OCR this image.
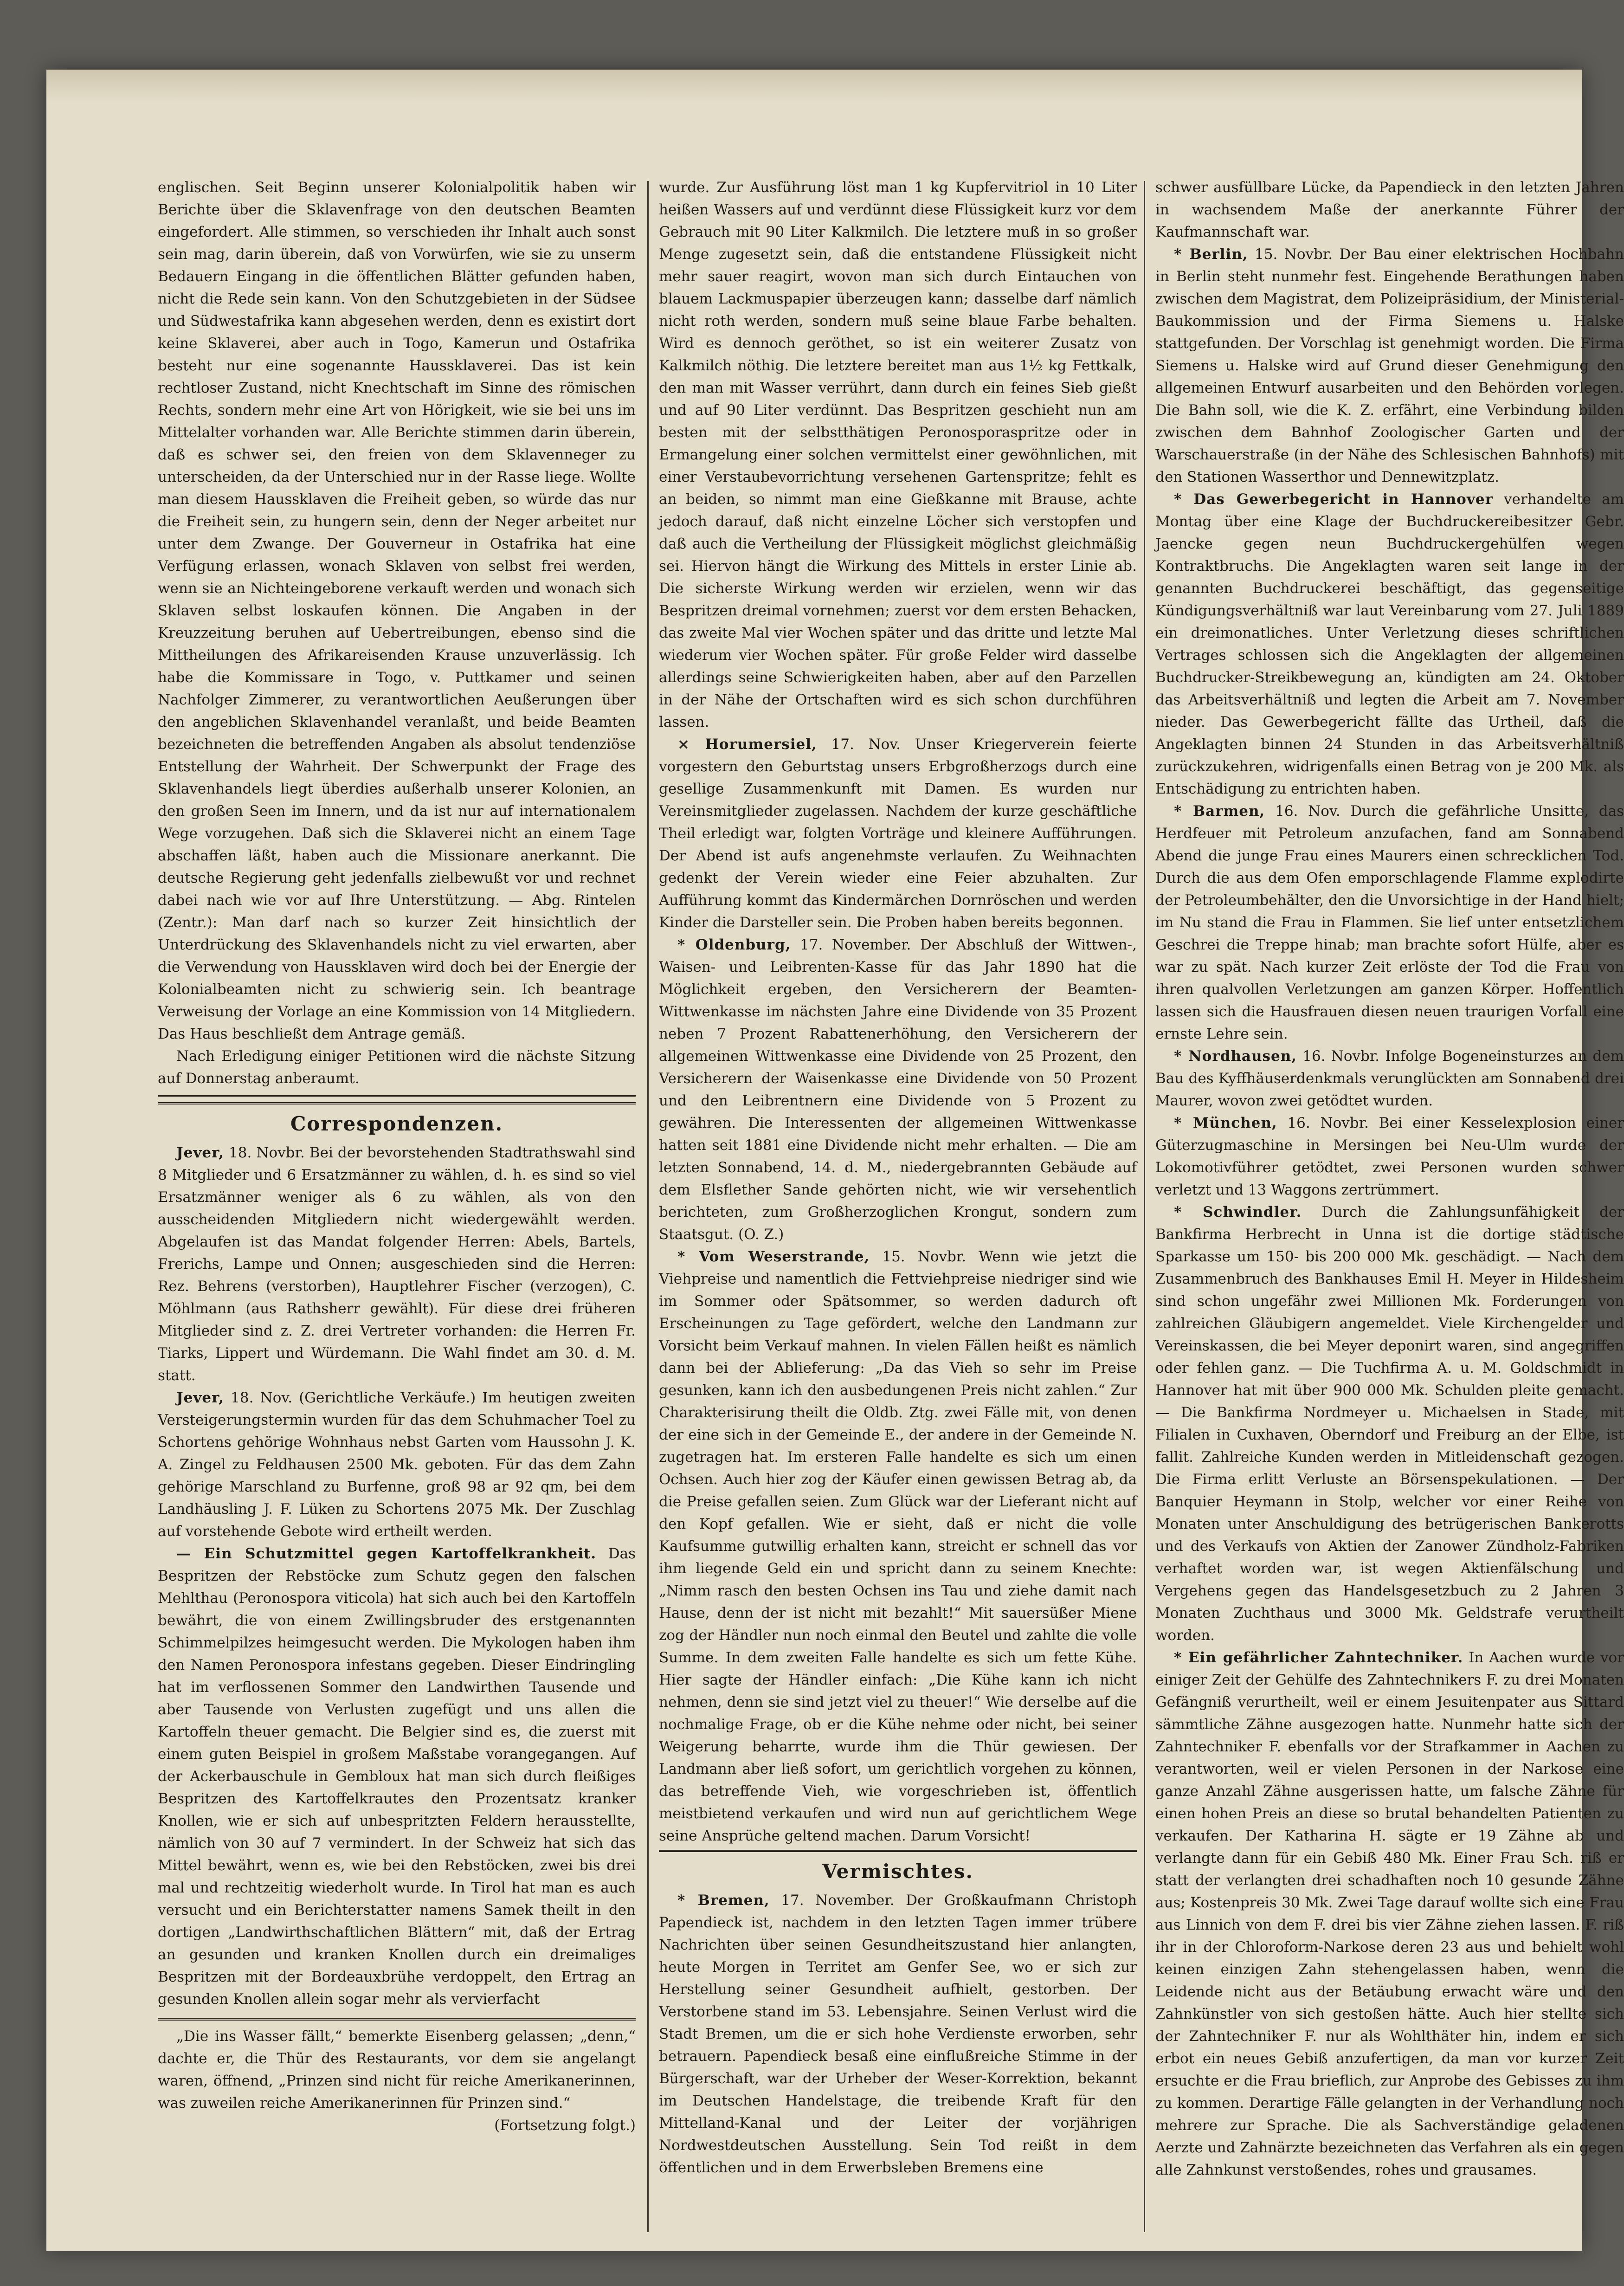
englischen. Seit Beginn unserer Kolonialpolitik haben wir Berichte über die Sklavenfrage von den deutschen Beamten eingefordert. Alle stimmen, so verschieden ihr Inhalt auch sonst sein mag, darin überein, daß von Vorwürfen, wie sie zu unserm Bedauern Eingang in die öffentlichen Blätter gefunden haben, nicht die Rede sein kann. Von den Schutzgebieten in der Südsee und Südwestafrika kann abgesehen werden, denn es existirt dort keine Sklaverei, aber auch in Togo, Kamerun und Ostafrika besteht nur eine sogenannte Haussklaverei. Das ist kein rechtloser Zustand, nicht Knechtschaft im Sinne des römischen Rechts, sondern mehr eine Art von Hörigkeit, wie sie bei uns im Mittelalter vorhanden war. Alle Berichte stimmen darin überein, daß es schwer sei, den freien von dem Sklavenneger zu unterscheiden, da der Unterschied nur in der Rasse liege. Wollte man diesem Haussklaven die Freiheit geben, so würde das nur die Freiheit sein, zu hungern sein, denn der Neger arbeitet nur unter dem Zwange. Der Gouverneur in Ostafrika hat eine Verfügung erlassen, wonach Sklaven von selbst frei werden, wenn sie an Nichteingeborene verkauft werden und wonach sich Sklaven selbst loskaufen können. Die Angaben in der Kreuzzeitung beruhen auf Uebertreibungen, ebenso sind die Mittheilungen des Afrikareisenden Krause unzuverlässig. Ich habe die Kommissare in Togo, v. Puttkamer und seinen Nachfolger Zimmerer, zu verantwortlichen Aeußerungen über den angeblichen Sklavenhandel veranlaßt, und beide Beamten bezeichneten die betreffenden Angaben als absolut tendenziöse Entstellung der Wahrheit. Der Schwerpunkt der Frage des Sklavenhandels liegt überdies außerhalb unserer Kolonien, an den großen Seen im Innern, und da ist nur auf internationalem Wege vorzugehen. Daß sich die Sklaverei nicht an einem Tage abschaffen läßt, haben auch die Missionare anerkannt. Die deutsche Regierung geht jedenfalls zielbewußt vor und rechnet dabei nach wie vor auf Ihre Unterstützung. — Abg. Rintelen (Zentr.): Man darf nach so kurzer Zeit hinsichtlich der Unterdrückung des Sklavenhandels nicht zu viel erwarten, aber die Verwendung von Haussklaven wird doch bei der Energie der Kolonialbeamten nicht zu schwierig sein. Ich beantrage Verweisung der Vorlage an eine Kommission von 14 Mitgliedern. Das Haus beschließt dem Antrage gemäß.

Nach Erledigung einiger Petitionen wird die nächste Sitzung auf Donnerstag anberaumt.

Correspondenzen.

Jever, 18. Novbr. Bei der bevorstehenden Stadtrathswahl sind 8 Mitglieder und 6 Ersatzmänner zu wählen, d. h. es sind so viel Ersatzmänner weniger als 6 zu wählen, als von den ausscheidenden Mitgliedern nicht wiedergewählt werden. Abgelaufen ist das Mandat folgender Herren: Abels, Bartels, Frerichs, Lampe und Onnen; ausgeschieden sind die Herren: Rez. Behrens (verstorben), Hauptlehrer Fischer (verzogen), C. Möhlmann (aus Rathsherr gewählt). Für diese drei früheren Mitglieder sind z. Z. drei Vertreter vorhanden: die Herren Fr. Tiarks, Lippert und Würdemann. Die Wahl findet am 30. d. M. statt.

Jever, 18. Nov. (Gerichtliche Verkäufe.) Im heutigen zweiten Versteigerungstermin wurden für das dem Schuhmacher Toel zu Schortens gehörige Wohnhaus nebst Garten vom Haussohn J. K. A. Zingel zu Feldhausen 2500 Mk. geboten. Für das dem Zahn gehörige Marschland zu Burfenne, groß 98 ar 92 qm, bei dem Landhäusling J. F. Lüken zu Schortens 2075 Mk. Der Zuschlag auf vorstehende Gebote wird ertheilt werden.

— Ein Schutzmittel gegen Kartoffelkrankheit. Das Bespritzen der Rebstöcke zum Schutz gegen den falschen Mehlthau (Peronospora viticola) hat sich auch bei den Kartoffeln bewährt, die von einem Zwillingsbruder des erstgenannten Schimmelpilzes heimgesucht werden. Die Mykologen haben ihm den Namen Peronospora infestans gegeben. Dieser Eindringling hat im verflossenen Sommer den Landwirthen Tausende und aber Tausende von Verlusten zugefügt und uns allen die Kartoffeln theuer gemacht. Die Belgier sind es, die zuerst mit einem guten Beispiel in großem Maßstabe vorangegangen. Auf der Ackerbauschule in Gembloux hat man sich durch fleißiges Bespritzen des Kartoffelkrautes den Prozentsatz kranker Knollen, wie er sich auf unbespritzten Feldern herausstellte, nämlich von 30 auf 7 vermindert. In der Schweiz hat sich das Mittel bewährt, wenn es, wie bei den Rebstöcken, zwei bis drei mal und rechtzeitig wiederholt wurde. In Tirol hat man es auch versucht und ein Berichterstatter namens Samek theilt in den dortigen „Landwirthschaftlichen Blättern“ mit, daß der Ertrag an gesunden und kranken Knollen durch ein dreimaliges Bespritzen mit der Bordeauxbrühe verdoppelt, den Ertrag an gesunden Knollen allein sogar mehr als vervierfacht

„Die ins Wasser fällt,“ bemerkte Eisenberg gelassen; „denn,“ dachte er, die Thür des Restaurants, vor dem sie angelangt waren, öffnend, „Prinzen sind nicht für reiche Amerikanerinnen, was zuweilen reiche Amerikanerinnen für Prinzen sind.“

(Fortsetzung folgt.)

wurde. Zur Ausführung löst man 1 kg Kupfervitriol in 10 Liter heißen Wassers auf und verdünnt diese Flüssigkeit kurz vor dem Gebrauch mit 90 Liter Kalkmilch. Die letztere muß in so großer Menge zugesetzt sein, daß die entstandene Flüssigkeit nicht mehr sauer reagirt, wovon man sich durch Eintauchen von blauem Lackmuspapier überzeugen kann; dasselbe darf nämlich nicht roth werden, sondern muß seine blaue Farbe behalten. Wird es dennoch geröthet, so ist ein weiterer Zusatz von Kalkmilch nöthig. Die letztere bereitet man aus 1½ kg Fettkalk, den man mit Wasser verrührt, dann durch ein feines Sieb gießt und auf 90 Liter verdünnt. Das Bespritzen geschieht nun am besten mit der selbstthätigen Peronosporaspritze oder in Ermangelung einer solchen vermittelst einer gewöhnlichen, mit einer Verstaubevorrichtung versehenen Gartenspritze; fehlt es an beiden, so nimmt man eine Gießkanne mit Brause, achte jedoch darauf, daß nicht einzelne Löcher sich verstopfen und daß auch die Vertheilung der Flüssigkeit möglichst gleichmäßig sei. Hiervon hängt die Wirkung des Mittels in erster Linie ab. Die sicherste Wirkung werden wir erzielen, wenn wir das Bespritzen dreimal vornehmen; zuerst vor dem ersten Behacken, das zweite Mal vier Wochen später und das dritte und letzte Mal wiederum vier Wochen später. Für große Felder wird dasselbe allerdings seine Schwierigkeiten haben, aber auf den Parzellen in der Nähe der Ortschaften wird es sich schon durchführen lassen.

× Horumersiel, 17. Nov. Unser Kriegerverein feierte vorgestern den Geburtstag unsers Erbgroßherzogs durch eine gesellige Zusammenkunft mit Damen. Es wurden nur Vereinsmitglieder zugelassen. Nachdem der kurze geschäftliche Theil erledigt war, folgten Vorträge und kleinere Aufführungen. Der Abend ist aufs angenehmste verlaufen. Zu Weihnachten gedenkt der Verein wieder eine Feier abzuhalten. Zur Aufführung kommt das Kindermärchen Dornröschen und werden Kinder die Darsteller sein. Die Proben haben bereits begonnen.

* Oldenburg, 17. November. Der Abschluß der Wittwen-, Waisen- und Leibrenten-Kasse für das Jahr 1890 hat die Möglichkeit ergeben, den Versicherern der Beamten-Wittwenkasse im nächsten Jahre eine Dividende von 35 Prozent neben 7 Prozent Rabattenerhöhung, den Versicherern der allgemeinen Wittwenkasse eine Dividende von 25 Prozent, den Versicherern der Waisenkasse eine Dividende von 50 Prozent und den Leibrentnern eine Dividende von 5 Prozent zu gewähren. Die Interessenten der allgemeinen Wittwenkasse hatten seit 1881 eine Dividende nicht mehr erhalten. — Die am letzten Sonnabend, 14. d. M., niedergebrannten Gebäude auf dem Elsflether Sande gehörten nicht, wie wir versehentlich berichteten, zum Großherzoglichen Krongut, sondern zum Staatsgut. (O. Z.)

* Vom Weserstrande, 15. Novbr. Wenn wie jetzt die Viehpreise und namentlich die Fettviehpreise niedriger sind wie im Sommer oder Spätsommer, so werden dadurch oft Erscheinungen zu Tage gefördert, welche den Landmann zur Vorsicht beim Verkauf mahnen. In vielen Fällen heißt es nämlich dann bei der Ablieferung: „Da das Vieh so sehr im Preise gesunken, kann ich den ausbedungenen Preis nicht zahlen.“ Zur Charakterisirung theilt die Oldb. Ztg. zwei Fälle mit, von denen der eine sich in der Gemeinde E., der andere in der Gemeinde N. zugetragen hat. Im ersteren Falle handelte es sich um einen Ochsen. Auch hier zog der Käufer einen gewissen Betrag ab, da die Preise gefallen seien. Zum Glück war der Lieferant nicht auf den Kopf gefallen. Wie er sieht, daß er nicht die volle Kaufsumme gutwillig erhalten kann, streicht er schnell das vor ihm liegende Geld ein und spricht dann zu seinem Knechte: „Nimm rasch den besten Ochsen ins Tau und ziehe damit nach Hause, denn der ist nicht mit bezahlt!“ Mit sauersüßer Miene zog der Händler nun noch einmal den Beutel und zahlte die volle Summe. In dem zweiten Falle handelte es sich um fette Kühe. Hier sagte der Händler einfach: „Die Kühe kann ich nicht nehmen, denn sie sind jetzt viel zu theuer!“ Wie derselbe auf die nochmalige Frage, ob er die Kühe nehme oder nicht, bei seiner Weigerung beharrte, wurde ihm die Thür gewiesen. Der Landmann aber ließ sofort, um gerichtlich vorgehen zu können, das betreffende Vieh, wie vorgeschrieben ist, öffentlich meistbietend verkaufen und wird nun auf gerichtlichem Wege seine Ansprüche geltend machen. Darum Vorsicht!

Vermischtes.

* Bremen, 17. November. Der Großkaufmann Christoph Papendieck ist, nachdem in den letzten Tagen immer trübere Nachrichten über seinen Gesundheitszustand hier anlangten, heute Morgen in Territet am Genfer See, wo er sich zur Herstellung seiner Gesundheit aufhielt, gestorben. Der Verstorbene stand im 53. Lebensjahre. Seinen Verlust wird die Stadt Bremen, um die er sich hohe Verdienste erworben, sehr betrauern. Papendieck besaß eine einflußreiche Stimme in der Bürgerschaft, war der Urheber der Weser-Korrektion, bekannt im Deutschen Handelstage, die treibende Kraft für den Mittelland-Kanal und der Leiter der vorjährigen Nordwestdeutschen Ausstellung. Sein Tod reißt in dem öffentlichen und in dem Erwerbsleben Bremens eine

schwer ausfüllbare Lücke, da Papendieck in den letzten Jahren in wachsendem Maße der anerkannte Führer der Kaufmannschaft war.

* Berlin, 15. Novbr. Der Bau einer elektrischen Hochbahn in Berlin steht nunmehr fest. Eingehende Berathungen haben zwischen dem Magistrat, dem Polizeipräsidium, der Ministerial-Baukommission und der Firma Siemens u. Halske stattgefunden. Der Vorschlag ist genehmigt worden. Die Firma Siemens u. Halske wird auf Grund dieser Genehmigung den allgemeinen Entwurf ausarbeiten und den Behörden vorlegen. Die Bahn soll, wie die K. Z. erfährt, eine Verbindung bilden zwischen dem Bahnhof Zoologischer Garten und der Warschauerstraße (in der Nähe des Schlesischen Bahnhofs) mit den Stationen Wasserthor und Dennewitzplatz.

* Das Gewerbegericht in Hannover verhandelte am Montag über eine Klage der Buchdruckereibesitzer Gebr. Jaencke gegen neun Buchdruckergehülfen wegen Kontraktbruchs. Die Angeklagten waren seit lange in der genannten Buchdruckerei beschäftigt, das gegenseitige Kündigungsverhältniß war laut Vereinbarung vom 27. Juli 1889 ein dreimonatliches. Unter Verletzung dieses schriftlichen Vertrages schlossen sich die Angeklagten der allgemeinen Buchdrucker-Streikbewegung an, kündigten am 24. Oktober das Arbeitsverhältniß und legten die Arbeit am 7. November nieder. Das Gewerbegericht fällte das Urtheil, daß die Angeklagten binnen 24 Stunden in das Arbeitsverhältniß zurückzukehren, widrigenfalls einen Betrag von je 200 Mk. als Entschädigung zu entrichten haben.

* Barmen, 16. Nov. Durch die gefährliche Unsitte, das Herdfeuer mit Petroleum anzufachen, fand am Sonnabend Abend die junge Frau eines Maurers einen schrecklichen Tod. Durch die aus dem Ofen emporschlagende Flamme explodirte der Petroleumbehälter, den die Unvorsichtige in der Hand hielt; im Nu stand die Frau in Flammen. Sie lief unter entsetzlichem Geschrei die Treppe hinab; man brachte sofort Hülfe, aber es war zu spät. Nach kurzer Zeit erlöste der Tod die Frau von ihren qualvollen Verletzungen am ganzen Körper. Hoffentlich lassen sich die Hausfrauen diesen neuen traurigen Vorfall eine ernste Lehre sein.

* Nordhausen, 16. Novbr. Infolge Bogeneinsturzes an dem Bau des Kyffhäuserdenkmals verunglückten am Sonnabend drei Maurer, wovon zwei getödtet wurden.

* München, 16. Novbr. Bei einer Kesselexplosion einer Güterzugmaschine in Mersingen bei Neu-Ulm wurde der Lokomotivführer getödtet, zwei Personen wurden schwer verletzt und 13 Waggons zertrümmert.

* Schwindler. Durch die Zahlungsunfähigkeit der Bankfirma Herbrecht in Unna ist die dortige städtische Sparkasse um 150- bis 200 000 Mk. geschädigt. — Nach dem Zusammenbruch des Bankhauses Emil H. Meyer in Hildesheim sind schon ungefähr zwei Millionen Mk. Forderungen von zahlreichen Gläubigern angemeldet. Viele Kirchengelder und Vereinskassen, die bei Meyer deponirt waren, sind angegriffen oder fehlen ganz. — Die Tuchfirma A. u. M. Goldschmidt in Hannover hat mit über 900 000 Mk. Schulden pleite gemacht. — Die Bankfirma Nordmeyer u. Michaelsen in Stade, mit Filialen in Cuxhaven, Oberndorf und Freiburg an der Elbe, ist fallit. Zahlreiche Kunden werden in Mitleidenschaft gezogen. Die Firma erlitt Verluste an Börsenspekulationen. — Der Banquier Heymann in Stolp, welcher vor einer Reihe von Monaten unter Anschuldigung des betrügerischen Bankerotts und des Verkaufs von Aktien der Zanower Zündholz-Fabriken verhaftet worden war, ist wegen Aktienfälschung und Vergehens gegen das Handelsgesetzbuch zu 2 Jahren 3 Monaten Zuchthaus und 3000 Mk. Geldstrafe verurtheilt worden.

* Ein gefährlicher Zahntechniker. In Aachen wurde vor einiger Zeit der Gehülfe des Zahntechnikers F. zu drei Monaten Gefängniß verurtheilt, weil er einem Jesuitenpater aus Sittard sämmtliche Zähne ausgezogen hatte. Nunmehr hatte sich der Zahntechniker F. ebenfalls vor der Strafkammer in Aachen zu verantworten, weil er vielen Personen in der Narkose eine ganze Anzahl Zähne ausgerissen hatte, um falsche Zähne für einen hohen Preis an diese so brutal behandelten Patienten zu verkaufen. Der Katharina H. sägte er 19 Zähne ab und verlangte dann für ein Gebiß 480 Mk. Einer Frau Sch. riß er statt der verlangten drei schadhaften noch 10 gesunde Zähne aus; Kostenpreis 30 Mk. Zwei Tage darauf wollte sich eine Frau aus Linnich von dem F. drei bis vier Zähne ziehen lassen. F. riß ihr in der Chloroform-Narkose deren 23 aus und behielt wohl keinen einzigen Zahn stehengelassen haben, wenn die Leidende nicht aus der Betäubung erwacht wäre und den Zahnkünstler von sich gestoßen hätte. Auch hier stellte sich der Zahntechniker F. nur als Wohlthäter hin, indem er sich erbot ein neues Gebiß anzufertigen, da man vor kurzer Zeit ersuchte er die Frau brieflich, zur Anprobe des Gebisses zu ihm zu kommen. Derartige Fälle gelangten in der Verhandlung noch mehrere zur Sprache. Die als Sachverständige geladenen Aerzte und Zahnärzte bezeichneten das Verfahren als ein gegen alle Zahnkunst verstoßendes, rohes und grausames.
